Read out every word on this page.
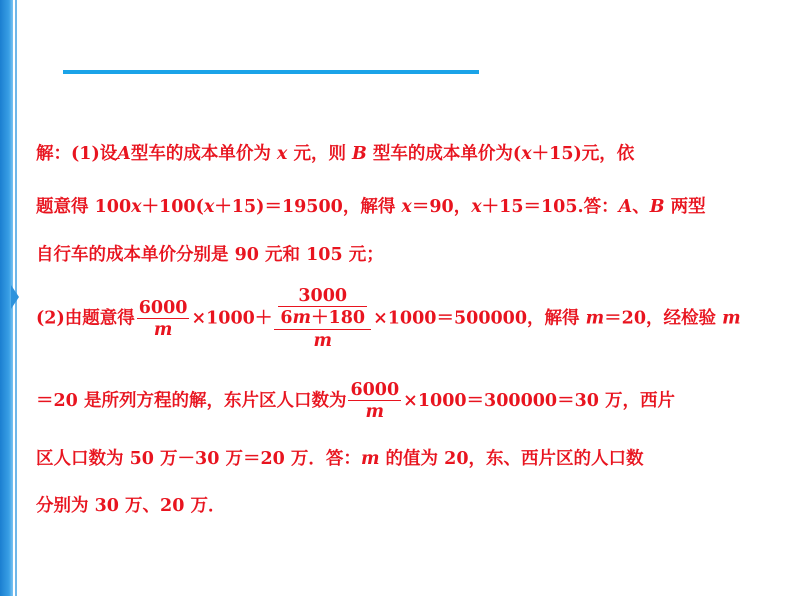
解：(1)设A型车的成本单价为 x 元，则 B 型车的成本单价为(x＋15)元，依
题意得 100x＋100(x＋15)＝19500，解得 x＝90，x＋15＝105.答：A、B 两型
自行车的成本单价分别是 90 元和 105 元；
(2)由题意得 $\frac{6000}{m} \times 1000+ \frac{\frac{3000}{6m+180}}{m} \times 1000=500000$，解得 m＝20，经检验 m
＝20 是所列方程的解，东片区人口数为 $\frac{6000}{m} \times 1000=300000=30$ 万，西片
区人口数为 50 万－30 万＝20 万．答：m 的值为 20，东、西片区的人口数
分别为 30 万、20 万．
